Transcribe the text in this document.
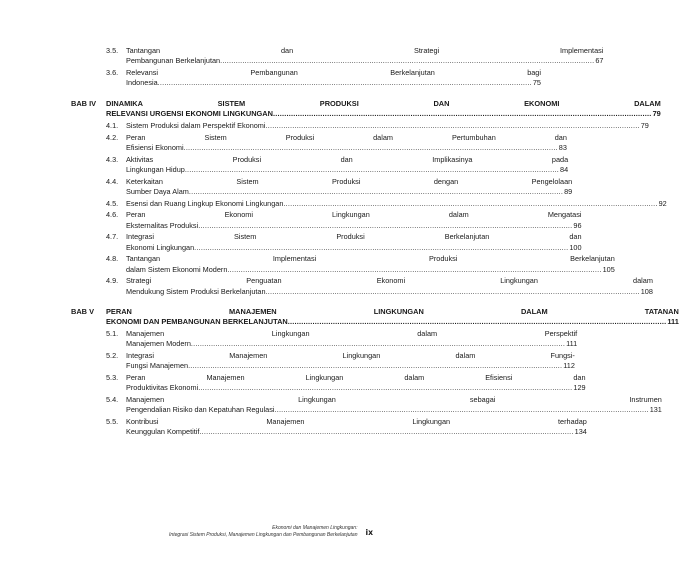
3.5.	Tantangan	dan	Strategi	Implementasi
Pembangunan Berkelanjutan .....	67
3.6.	Relevansi	Pembangunan	Berkelanjutan	bagi
Indonesia .....	75
BAB IV	DINAMIKA	SISTEM	PRODUKSI	DAN	EKONOMI	DALAM
RELEVANSI URGENSI EKONOMI LINGKUNGAN .....	79
4.1.	Sistem Produksi dalam Perspektif Ekonomi .....	79
4.2.	Peran	Sistem	Produksi	dalam	Pertumbuhan	dan
Efisiensi Ekonomi .....	83
4.3.	Aktivitas	Produksi	dan	Implikasinya	pada
Lingkungan Hidup .....	84
4.4.	Keterkaitan	Sistem	Produksi	dengan	Pengelolaan
Sumber Daya Alam .....	89
4.5.	Esensi dan Ruang Lingkup Ekonomi Lingkungan .....	92
4.6.	Peran	Ekonomi	Lingkungan	dalam	Mengatasi
Eksternalitas Produksi .....	96
4.7.	Integrasi	Sistem	Produksi	Berkelanjutan	dan
Ekonomi Lingkungan .....	100
4.8.	Tantangan	Implementasi	Produksi	Berkelanjutan
dalam Sistem Ekonomi Modern .....	105
4.9.	Strategi	Penguatan	Ekonomi	Lingkungan	dalam
Mendukung Sistem Produksi Berkelanjutan .....	108
BAB V	PERAN	MANAJEMEN	LINGKUNGAN	DALAM	TATANAN
EKONOMI DAN PEMBANGUNAN BERKELANJUTAN .....	111
5.1.	Manajemen	Lingkungan	dalam	Perspektif
Manajemen Modern .....	111
5.2.	Integrasi	Manajemen	Lingkungan	dalam	Fungsi-
Fungsi Manajemen .....	112
5.3.	Peran	Manajemen	Lingkungan	dalam	Efisiensi	dan
Produktivitas Ekonomi .....	129
5.4.	Manajemen	Lingkungan	sebagai	Instrumen
Pengendalian Risiko dan Kepatuhan Regulasi .....	131
5.5.	Kontribusi	Manajemen	Lingkungan	terhadap
Keunggulan Kompetitif .....	134
Ekonomi dan Manajemen Lingkungan:
Integrasi Sistem Produksi, Manajemen Lingkungan dan Pembangunan Berkelanjutan ix
